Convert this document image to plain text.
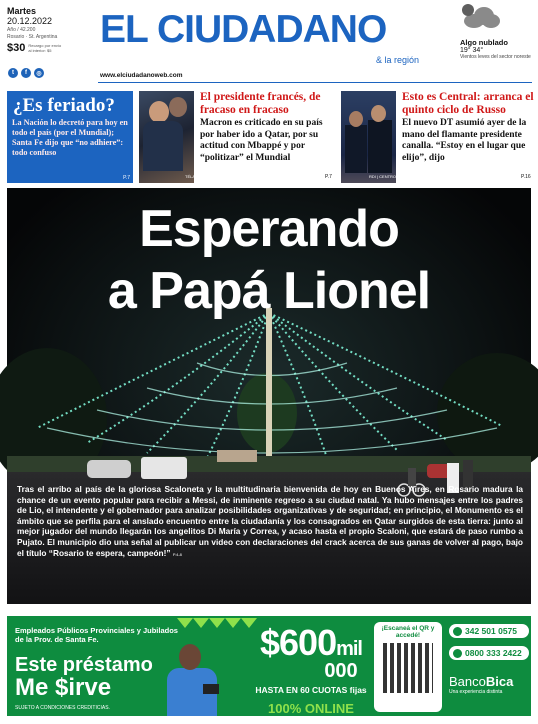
Martes
20.12.2022
Año / 42.200
Rosario · St. Argentina
$30 Recargo por envío al interior: $5
t	f	◎
EL CIUDADANO
& la región
www.elciudadanoweb.com
Algo nublado
19° 34°
Vientos leves del sector noreste
¿Es feriado?

La Nación lo decretó para hoy en todo el país (por el Mundial); Santa Fe dijo que “no adhiere”: todo confuso

P.7	TÉLAM
El presidente francés, de fracaso en fracaso

Macron es criticado en su país por haber ido a Qatar, por su actitud con Mbappé y por “politizar” el Mundial

P.7	RDI | CENTRO
Esto es Central: arranca el quinto ciclo de Russo

El nuevo DT asumió ayer de la mano del flamante presidente canalla. “Estoy en el lugar que elijo”, dijo

P.16
Esperando
a Papá Lionel
Tras el arribo al país de la gloriosa Scaloneta y la multitudinaria bienvenida de hoy en Buenos Aires, en Rosario madura la chance de un evento popular para recibir a Messi, de inminente regreso a su ciudad natal. Ya hubo mensajes entre los padres de Lio, el intendente y el gobernador para analizar posibilidades organizativas y de seguridad; en principio, el Monumento es el ámbito que se perfila para el anslado encuentro entre la ciudadanía y los consagrados en Qatar surgidos de esta tierra: junto al mejor jugador del mundo llegarán los angelitos Di María y Correa, y acaso hasta el propio Scaloni, que estará de paso rumbo a Pujato. El municipio dio una señal al publicar un video con declaraciones del crack acerca de sus ganas de volver al pago, bajo el título “Rosario te espera, campeón!” P.4-8
Empleados Públicos Provinciales y Jubilados de la Prov. de Santa Fe.
Este préstamo
Me $irve
SUJETO A CONDICIONES CREDITICIAS.
$600mil
000
HASTA EN 60 CUOTAS fijas
100% ONLINE
¡Cuando quieras, donde quieras!
¡Escaneá el QR y accedé!	342 501 0575
0800 333 2422
BancoBica
Una experiencia distinta
